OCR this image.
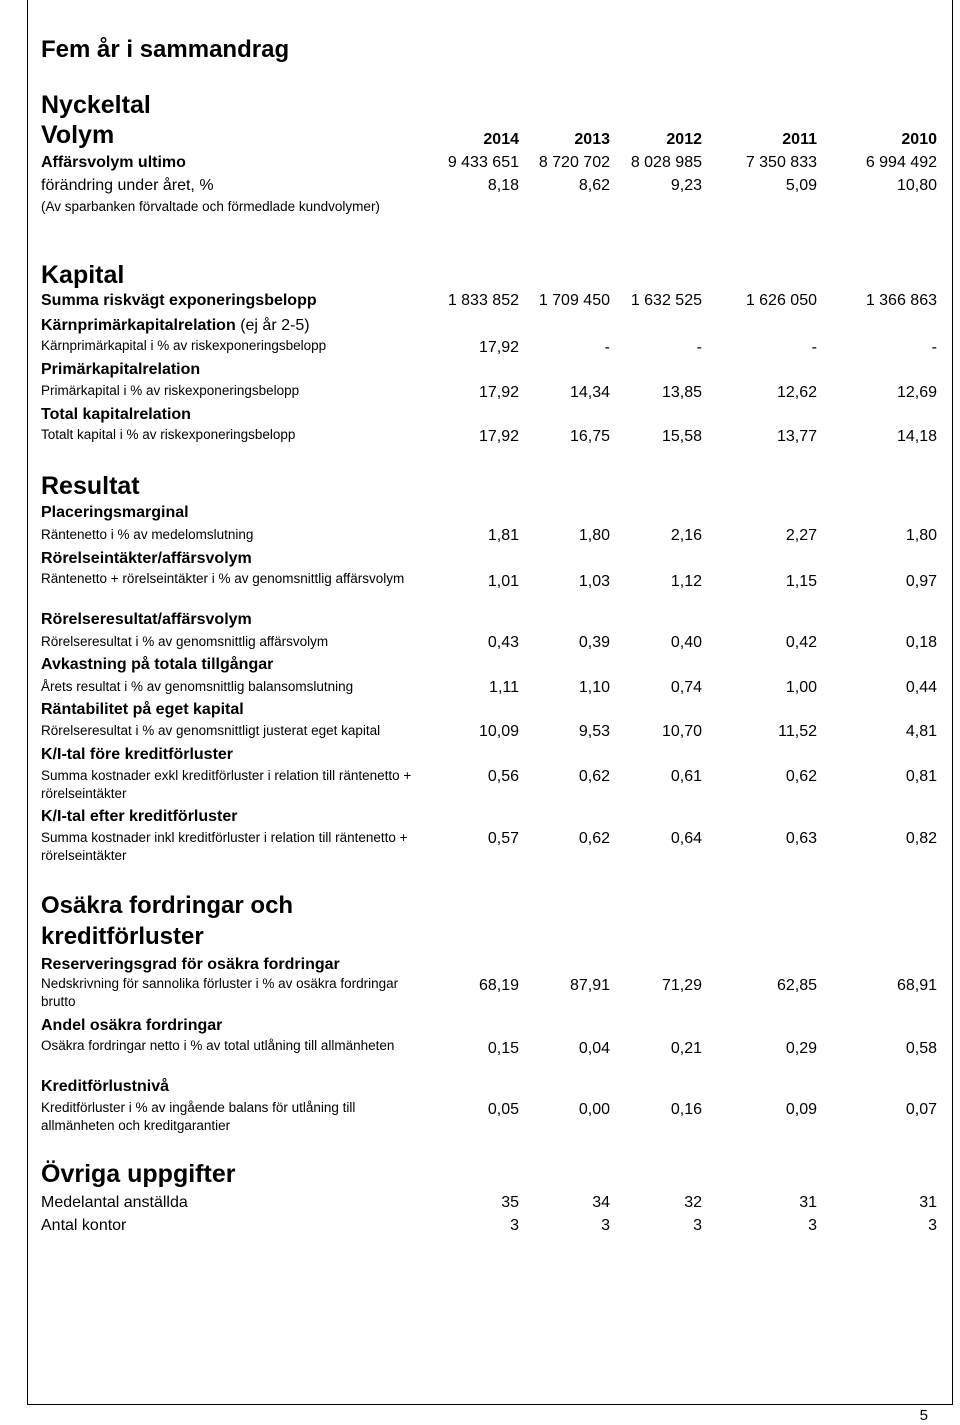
Fem år i sammandrag
Nyckeltal
Volym	2014	2013	2012	2011	2010
Affärsvolym ultimo	9 433 651	8 720 702	8 028 985	7 350 833	6 994 492
förändring under året, %	8,18	8,62	9,23	5,09	10,80
(Av sparbanken förvaltade och förmedlade kundvolymer)
Kapital
Summa riskvägt exponeringsbelopp	1 833 852	1 709 450	1 632 525	1 626 050	1 366 863
Kärnprimärkapitalrelation (ej år 2-5)
Kärnprimärkapital i % av riskexponeringsbelopp	17,92	-	-	-	-
Primärkapitalrelation
Primärkapital i % av riskexponeringsbelopp	17,92	14,34	13,85	12,62	12,69
Total kapitalrelation
Totalt kapital i % av riskexponeringsbelopp	17,92	16,75	15,58	13,77	14,18
Resultat
Placeringsmarginal
Räntenetto i % av medelomslutning	1,81	1,80	2,16	2,27	1,80
Rörelseintäkter/affärsvolym
Räntenetto + rörelseintäkter i % av genomsnittlig affärsvolym	1,01	1,03	1,12	1,15	0,97
Rörelseresultat/affärsvolym
Rörelseresultat i % av genomsnittlig affärsvolym	0,43	0,39	0,40	0,42	0,18
Avkastning på totala tillgångar
Årets resultat i % av genomsnittlig balansomslutning	1,11	1,10	0,74	1,00	0,44
Räntabilitet på eget kapital
Rörelseresultat i % av genomsnittligt justerat eget kapital	10,09	9,53	10,70	11,52	4,81
K/I-tal före kreditförluster
Summa kostnader exkl kreditförluster i relation till räntenetto + rörelseintäkter
0,56	0,62	0,61	0,62	0,81
K/I-tal efter kreditförluster
Summa kostnader inkl kreditförluster i relation till räntenetto + rörelseintäkter
0,57	0,62	0,64	0,63	0,82
Osäkra fordringar och kreditförluster
Reserveringsgrad för osäkra fordringar
Nedskrivning för sannolika förluster i % av osäkra fordringar brutto
68,19	87,91	71,29	62,85	68,91
Andel osäkra fordringar
Osäkra fordringar netto i % av total utlåning till allmänheten	0,15	0,04	0,21	0,29	0,58
Kreditförlustnivå
Kreditförluster i % av ingående balans för utlåning till allmänheten och kreditgarantier
0,05	0,00	0,16	0,09	0,07
Övriga uppgifter
Medelantal anställda	35	34	32	31	31
Antal kontor	3	3	3	3	3
5
